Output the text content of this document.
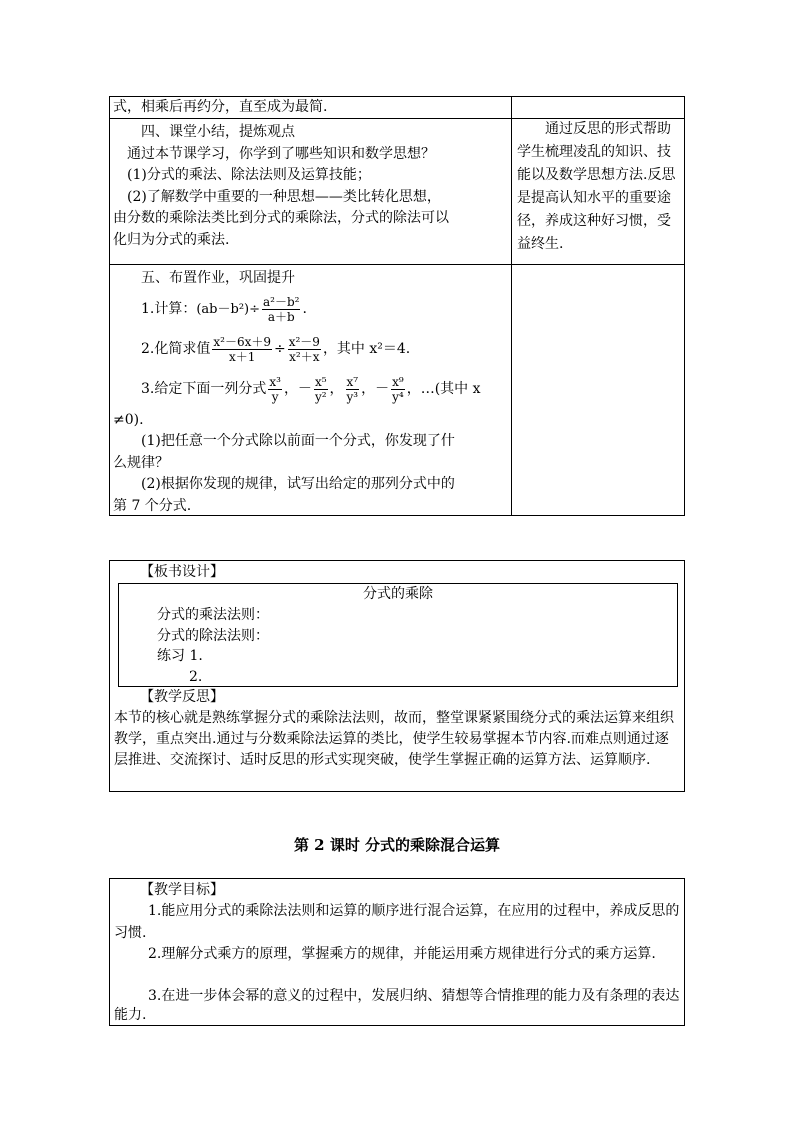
式，相乘后再约分，直至成为最简.
四、课堂小结，提炼观点
通过本节课学习，你学到了哪些知识和数学思想？
(1)分式的乘法、除法法则及运算技能；
(2)了解数学中重要的一种思想——类比转化思想，
由分数的乘除法类比到分式的乘除法，分式的除法可以
化归为分式的乘法.
通过反思的形式帮助学生梳理凌乱的知识、技能以及数学思想方法.反思是提高认知水平的重要途径，养成这种好习惯，受益终生.
五、布置作业，巩固提升
1.计算： $(ab-b^2)\div \frac{\text{a²－b²}}{a+b}$ .
2.化简求值 $\frac{\text{x²－6x＋9}}{x+1} \div \frac{\text{x²－9}}{\text{x²＋x}}$ ，其中 x²＝4.
3.给定下面一列分式 $\frac{\text{x³}}{y}$ ，－ $\frac{\text{x⁵}}{\text{y²}}$ ， $\frac{\text{x⁷}}{\text{y³}}$ ，－ $\frac{\text{x⁹}}{\text{y⁴}}$ ，…(其中 x
≠0).
(1)把任意一个分式除以前面一个分式，你发现了什
么规律？
(2)根据你发现的规律，试写出给定的那列分式中的
第 7 个分式.
【板书设计】
分式的乘除
分式的乘法法则：
分式的除法法则：
练习 1.
2.
【教学反思】
本节的核心就是熟练掌握分式的乘除法法则，故而，整堂课紧紧围绕分式的乘法运算来组织教学，重点突出.通过与分数乘除法运算的类比，使学生较易掌握本节内容.而难点则通过逐层推进、交流探讨、适时反思的形式实现突破，使学生掌握正确的运算方法、运算顺序.
第 2 课时 分式的乘除混合运算
【教学目标】
1.能应用分式的乘除法法则和运算的顺序进行混合运算，在应用的过程中，养成反思的习惯.
2.理解分式乘方的原理，掌握乘方的规律，并能运用乘方规律进行分式的乘方运算.
3.在进一步体会幂的意义的过程中，发展归纳、猜想等合情推理的能力及有条理的表达能力.
